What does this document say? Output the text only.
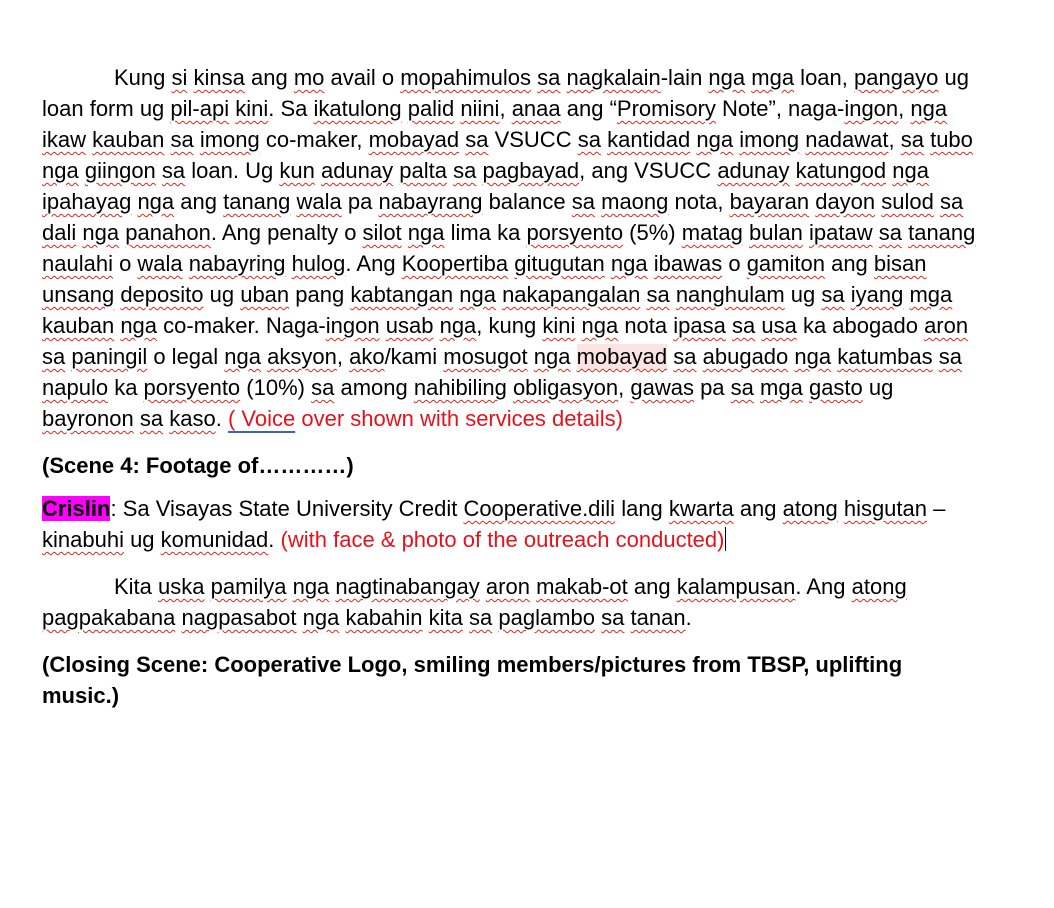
Kung si kinsa ang mo avail o mopahimulos sa nagkalain-lain nga mga loan, pangayo ug loan form ug pil-api kini. Sa ikatulong palid niini, anaa ang “Promisory Note”, naga-ingon, nga ikaw kauban sa imong co-maker, mobayad sa VSUCC sa kantidad nga imong nadawat, sa tubo nga giingon sa loan. Ug kun adunay palta sa pagbayad, ang VSUCC adunay katungod nga ipahayag nga ang tanang wala pa nabayrang balance sa maong nota, bayaran dayon sulod sa dali nga panahon. Ang penalty o silot nga lima ka porsyento (5%) matag bulan ipataw sa tanang naulahi o wala nabayring hulog. Ang Koopertiba gitugutan nga ibawas o gamiton ang bisan unsang deposito ug uban pang kabtangan nga nakapangalan sa nanghulam ug sa iyang mga kauban nga co-maker. Naga-ingon usab nga, kung kini nga nota ipasa sa usa ka abogado aron sa paningil o legal nga aksyon, ako/kami mosugot nga mobayad sa abugado nga katumbas sa napulo ka porsyento (10%) sa among nahibiling obligasyon, gawas pa sa mga gasto ug bayronon sa kaso. ( Voice over shown with services details)

(Scene 4: Footage of…………)

Crislin: Sa Visayas State University Credit Cooperative.dili lang kwarta ang atong hisgutan – kinabuhi ug komunidad. (with face & photo of the outreach conducted)

Kita uska pamilya nga nagtinabangay aron makab-ot ang kalampusan. Ang atong pagpakabana nagpasabot nga kabahin kita sa paglambo sa tanan.

(Closing Scene: Cooperative Logo, smiling members/pictures from TBSP, uplifting music.)
